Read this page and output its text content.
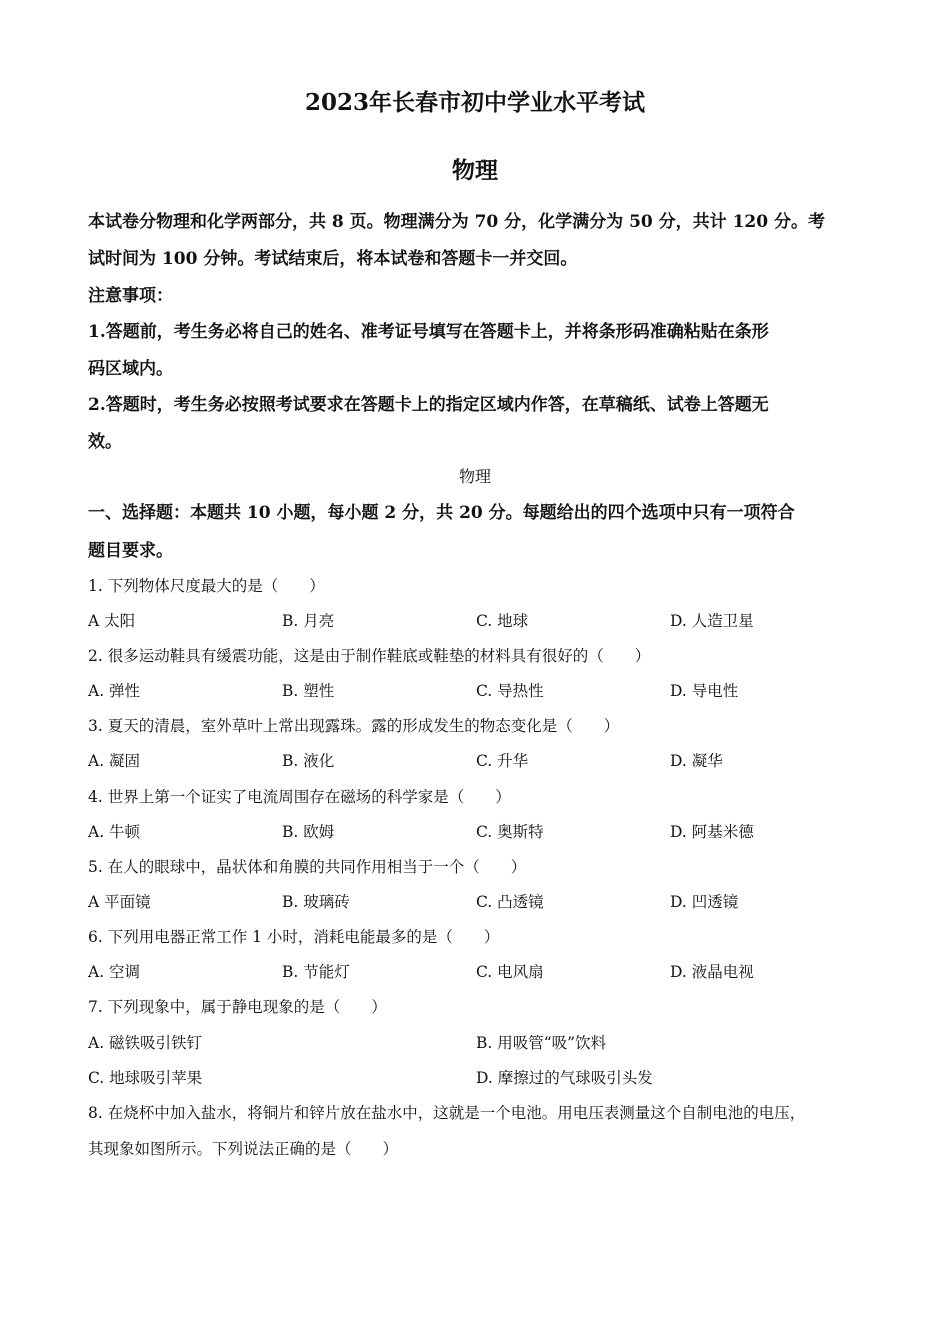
2023年长春市初中学业水平考试
物理
本试卷分物理和化学两部分，共 8 页。物理满分为 70 分，化学满分为 50 分，共计 120 分。考
试时间为 100 分钟。考试结束后，将本试卷和答题卡一并交回。
注意事项：
1.答题前，考生务必将自己的姓名、准考证号填写在答题卡上，并将条形码准确粘贴在条形
码区域内。
2.答题时，考生务必按照考试要求在答题卡上的指定区域内作答，在草稿纸、试卷上答题无
效。
物理
一、选择题：本题共 10 小题，每小题 2 分，共 20 分。每题给出的四个选项中只有一项符合
题目要求。
1. 下列物体尺度最大的是（　　）
A 太阳	B. 月亮	C. 地球	D. 人造卫星
2. 很多运动鞋具有缓震功能，这是由于制作鞋底或鞋垫的材料具有很好的（　　）
A. 弹性	B. 塑性	C. 导热性	D. 导电性
3. 夏天的清晨，室外草叶上常出现露珠。露的形成发生的物态变化是（　　）
A. 凝固	B. 液化	C. 升华	D. 凝华
4. 世界上第一个证实了电流周围存在磁场的科学家是（　　）
A. 牛顿	B. 欧姆	C. 奥斯特	D. 阿基米德
5. 在人的眼球中，晶状体和角膜的共同作用相当于一个（　　）
A 平面镜	B. 玻璃砖	C. 凸透镜	D. 凹透镜
6. 下列用电器正常工作 1 小时，消耗电能最多的是（　　）
A. 空调	B. 节能灯	C. 电风扇	D. 液晶电视
7. 下列现象中，属于静电现象的是（　　）
A. 磁铁吸引铁钉	B. 用吸管“吸”饮料
C. 地球吸引苹果	D. 摩擦过的气球吸引头发
8. 在烧杯中加入盐水，将铜片和锌片放在盐水中，这就是一个电池。用电压表测量这个自制电池的电压，
其现象如图所示。下列说法正确的是（　　）
